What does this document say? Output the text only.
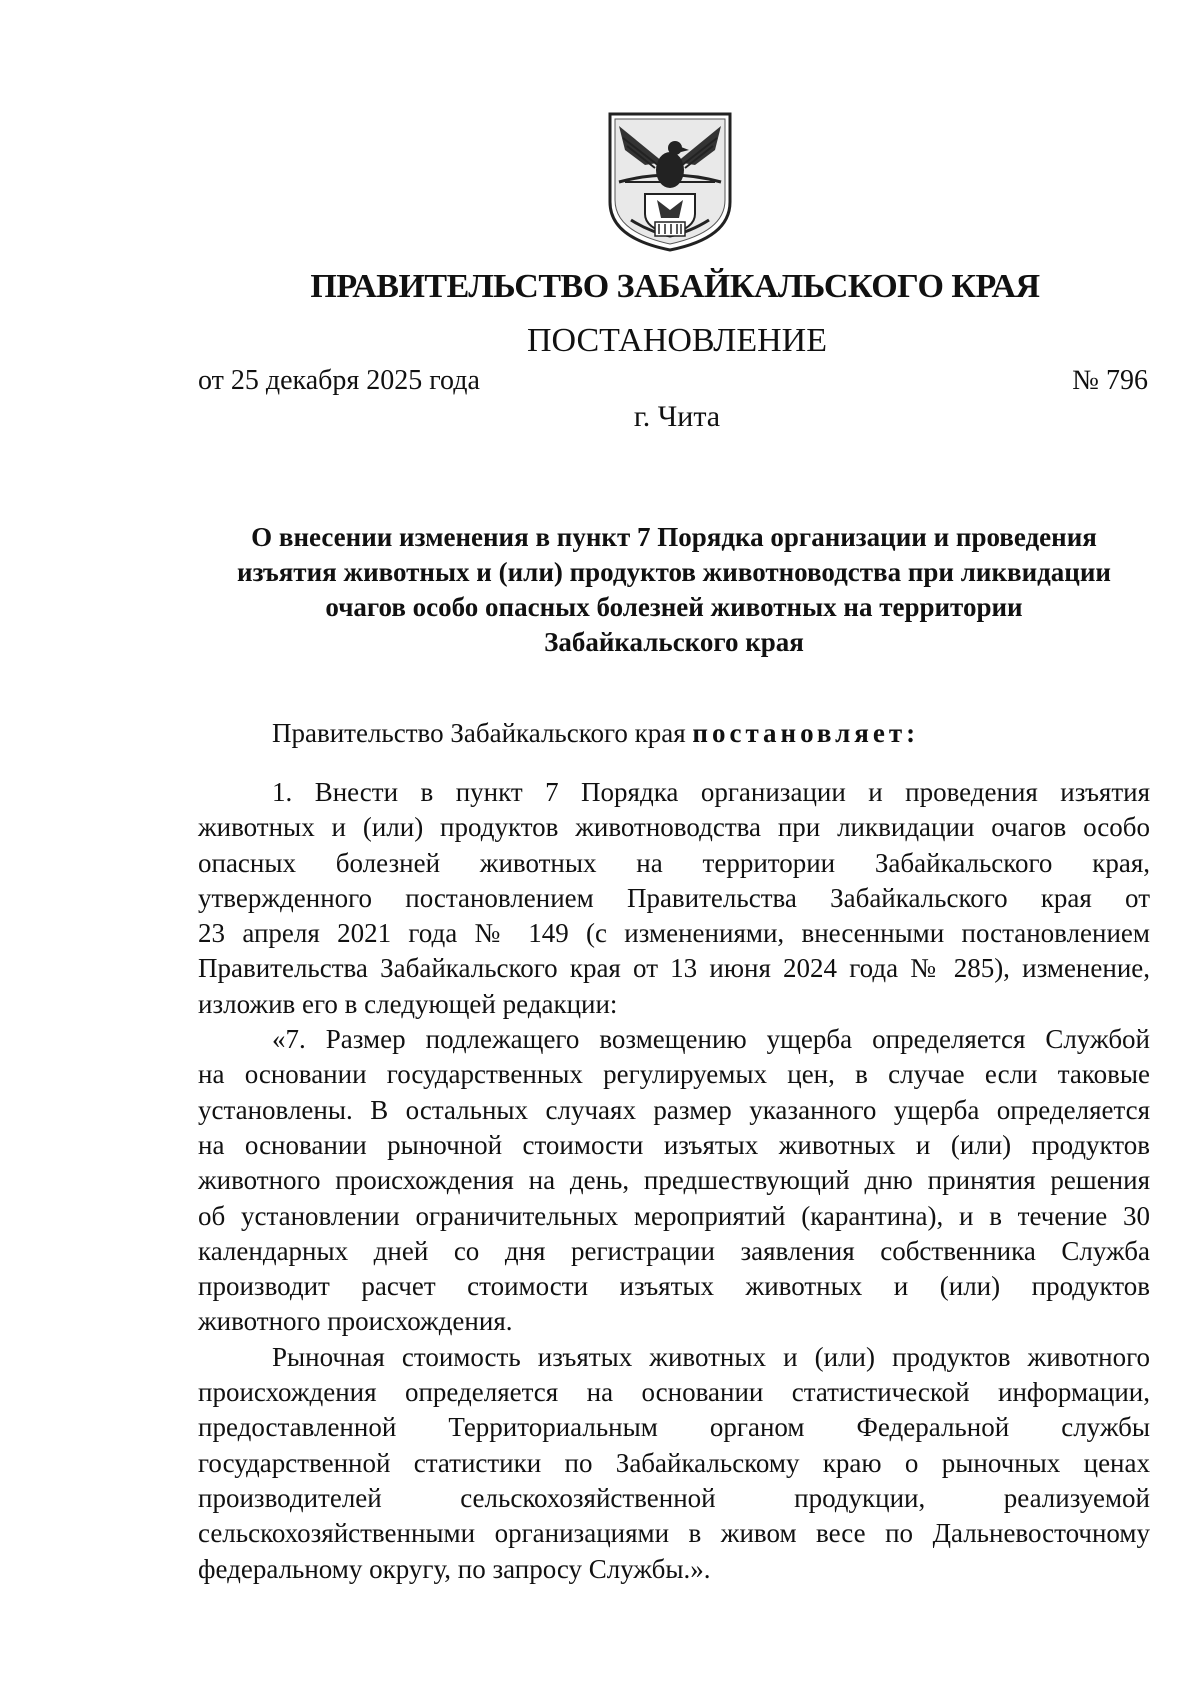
ПРАВИТЕЛЬСТВО ЗАБАЙКАЛЬСКОГО КРАЯ
ПОСТАНОВЛЕНИЕ
от 25 декабря 2025 года	№ 796
г. Чита
О внесении изменения в пункт 7 Порядка организации и проведения
изъятия животных и (или) продуктов животноводства при ликвидации
очагов особо опасных болезней животных на территории
Забайкальского края
Правительство Забайкальского края постановляет:
1. Внести в пункт 7 Порядка организации и проведения изъятия
животных и (или) продуктов животноводства при ликвидации очагов особо
опасных болезней животных на территории Забайкальского края,
утвержденного постановлением Правительства Забайкальского края от
23 апреля 2021 года № 149 (с изменениями, внесенными постановлением
Правительства Забайкальского края от 13 июня 2024 года № 285), изменение,
изложив его в следующей редакции:
«7. Размер подлежащего возмещению ущерба определяется Службой
на основании государственных регулируемых цен, в случае если таковые
установлены. В остальных случаях размер указанного ущерба определяется
на основании рыночной стоимости изъятых животных и (или) продуктов
животного происхождения на день, предшествующий дню принятия решения
об установлении ограничительных мероприятий (карантина), и в течение 30
календарных дней со дня регистрации заявления собственника Служба
производит расчет стоимости изъятых животных и (или) продуктов
животного происхождения.
Рыночная стоимость изъятых животных и (или) продуктов животного
происхождения определяется на основании статистической информации,
предоставленной Территориальным органом Федеральной службы
государственной статистики по Забайкальскому краю о рыночных ценах
производителей сельскохозяйственной продукции, реализуемой
сельскохозяйственными организациями в живом весе по Дальневосточному
федеральному округу, по запросу Службы.».
